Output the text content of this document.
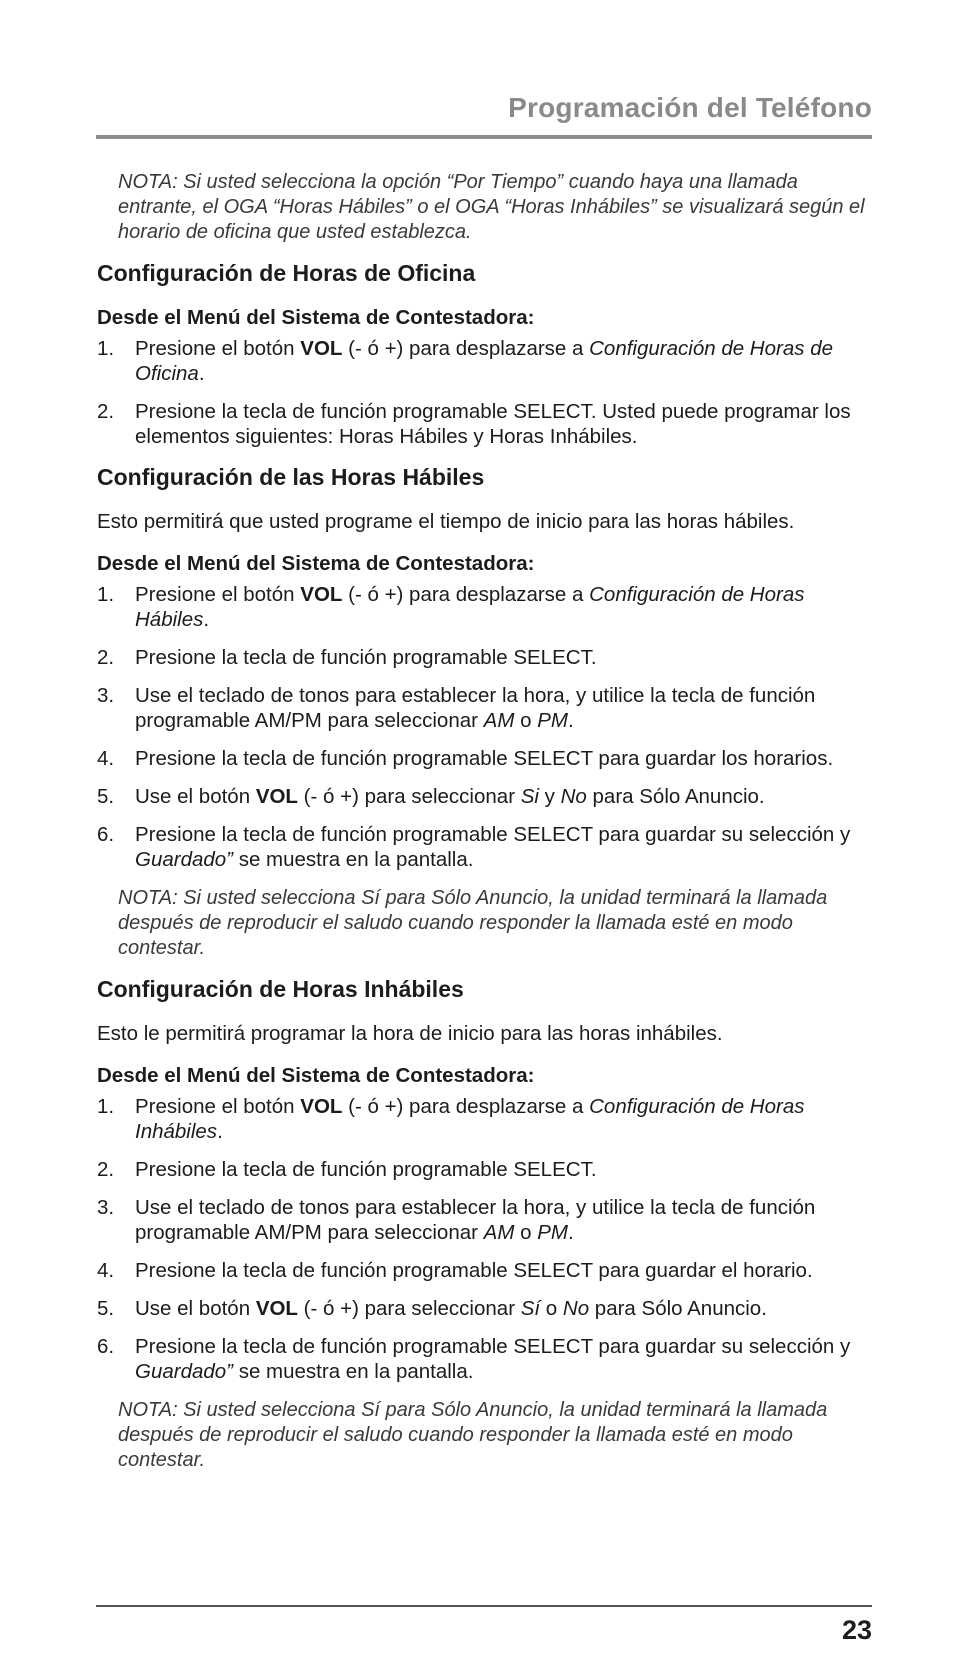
Programación del Teléfono

NOTA: Si usted selecciona la opción “Por Tiempo” cuando haya una llamada entrante, el OGA “Horas Hábiles” o el OGA “Horas Inhábiles” se visualizará según el horario de oficina que usted establezca.

Configuración de Horas de Oficina
Desde el Menú del Sistema de Contestadora:
1.	Presione el botón VOL (- ó +) para desplazarse a Configuración de Horas de Oficina.
2.	Presione la tecla de función programable SELECT. Usted puede programar los elementos siguientes: Horas Hábiles y Horas Inhábiles.
Configuración de las Horas Hábiles

Esto permitirá que usted programe el tiempo de inicio para las horas hábiles.

Desde el Menú del Sistema de Contestadora:
1.	Presione el botón VOL (- ó +) para desplazarse a Configuración de Horas Hábiles.
2.	Presione la tecla de función programable SELECT.
3.	Use el teclado de tonos para establecer la hora, y utilice la tecla de función programable AM/PM para seleccionar AM o PM.
4.	Presione la tecla de función programable SELECT para guardar los horarios.
5.	Use el botón VOL (- ó +) para seleccionar Si y No para Sólo Anuncio.
6.	Presione la tecla de función programable SELECT para guardar su selección y Guardado” se muestra en la pantalla.

NOTA: Si usted selecciona Sí para Sólo Anuncio, la unidad terminará la llamada después de reproducir el saludo cuando responder la llamada esté en modo contestar.

Configuración de Horas Inhábiles

Esto le permitirá programar la hora de inicio para las horas inhábiles.

Desde el Menú del Sistema de Contestadora:
1.	Presione el botón VOL (- ó +) para desplazarse a Configuración de Horas Inhábiles.
2.	Presione la tecla de función programable SELECT.
3.	Use el teclado de tonos para establecer la hora, y utilice la tecla de función programable AM/PM para seleccionar AM o PM.
4.	Presione la tecla de función programable SELECT para guardar el horario.
5.	Use el botón VOL (- ó +) para seleccionar Sí o No para Sólo Anuncio.
6.	Presione la tecla de función programable SELECT para guardar su selección y Guardado” se muestra en la pantalla.

NOTA: Si usted selecciona Sí para Sólo Anuncio, la unidad terminará la llamada después de reproducir el saludo cuando responder la llamada esté en modo contestar.

23
